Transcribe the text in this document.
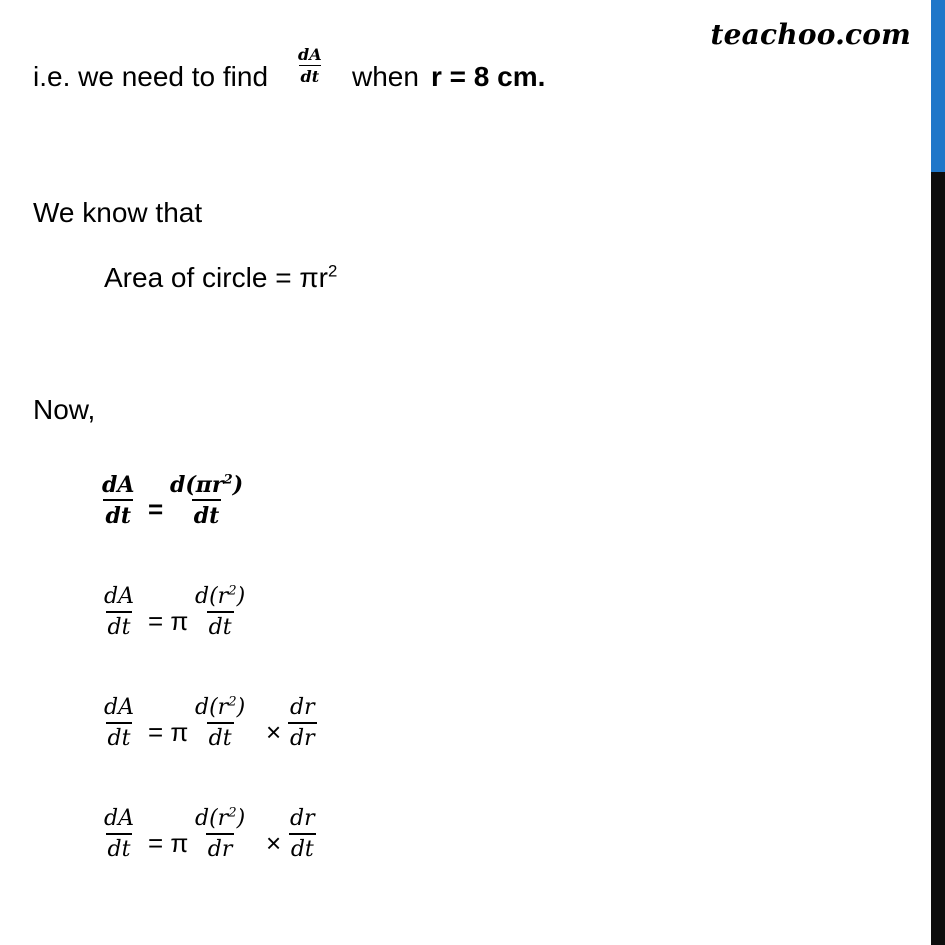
teachoo.com
i.e. we need to find $\frac{dA}{dt}$ when r = 8 cm.
We know that
Area of circle = $\pi r^2$
Now,
$\frac{dA}{dt} = \frac{d(\pi r^2)}{dt}$
$\frac{dA}{dt} = \pi \frac{d(r^2)}{dt}$
$\frac{dA}{dt} = \pi \frac{d(r^2)}{dt} \times \frac{dr}{dr}$
$\frac{dA}{dt} = \pi \frac{d(r^2)}{dr} \times \frac{dr}{dt}$
